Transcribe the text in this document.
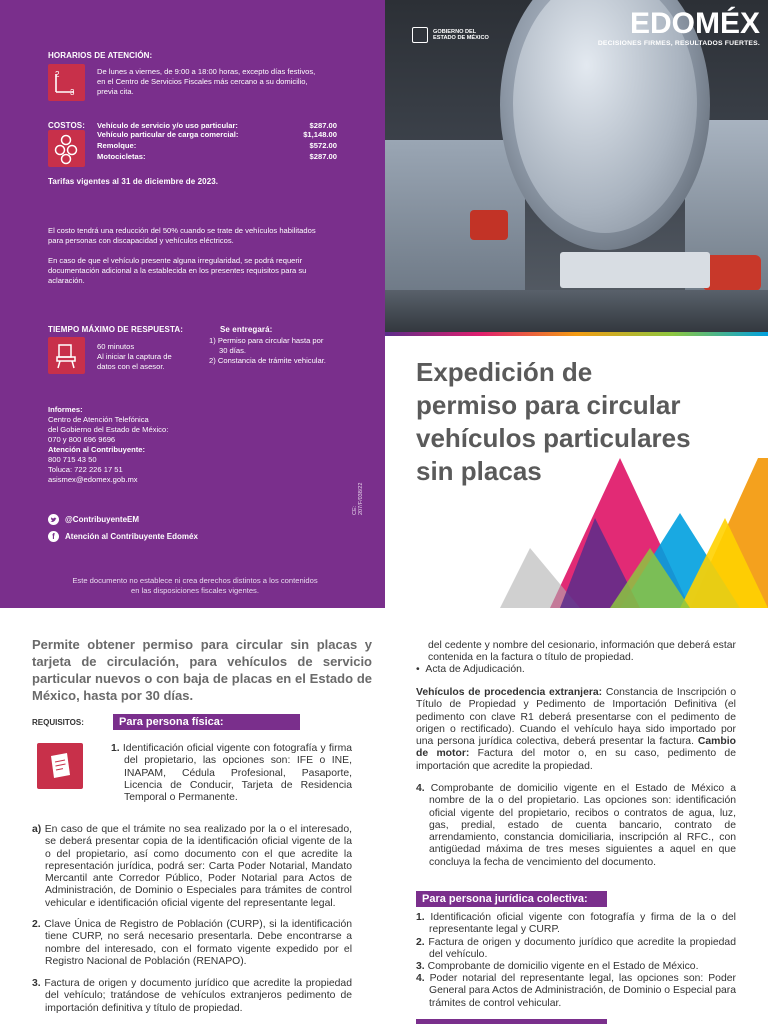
HORARIOS DE ATENCIÓN:
2
3
De lunes a viernes, de 9:00 a 18:00 horas, excepto días festivos,
en el Centro de Servicios Fiscales más cercano a su domicilio,
previa cita.
COSTOS: Vehículo de servicio y/o uso particular:	$287.00
Vehículo particular de carga comercial:	$1,148.00
Remolque:	$572.00
Motocicletas:	$287.00
Tarifas vigentes al 31 de diciembre de 2023.
El costo tendrá una reducción del 50% cuando se trate de vehículos habilitados
para personas con discapacidad y vehículos eléctricos.
En caso de que el vehículo presente alguna irregularidad, se podrá requerir
documentación adicional a la establecida en los presentes requisitos para su
aclaración.
TIEMPO MÁXIMO DE RESPUESTA:
60 minutos
Al iniciar la captura de
datos con el asesor.
Se entregará:
1) Permiso para circular hasta por
30 días.
2) Constancia de trámite vehicular.
Informes:
Centro de Atención Telefónica
del Gobierno del Estado de México:
070 y 800 696 9696
Atención al Contribuyente:
800 715 43 50
Toluca: 722 226 17 51
asismex@edomex.gob.mx
CE: 207/F/038/22
@ContribuyenteEM
f	Atención al Contribuyente Edoméx
Este documento no establece ni crea derechos distintos a los contenidos
en las disposiciones fiscales vigentes.
GOBIERNO DEL
ESTADO DE MÉXICO	EDOMÉX
DECISIONES FIRMES, RESULTADOS FUERTES.
Expedición de
permiso para circular
vehículos particulares
sin placas
Permite obtener permiso para circular sin placas y tarjeta de circulación, para vehículos de servicio particular nuevos o con baja de placas en el Estado de México, hasta por 30 días.
REQUISITOS:	Para persona física:
1. Identificación oficial vigente con fotografía y firma del propietario, las opciones son: IFE o INE, INAPAM, Cédula Profesional, Pasaporte, Licencia de Conducir, Tarjeta de Residencia Temporal o Permanente.
a) En caso de que el trámite no sea realizado por la o el interesado, se deberá presentar copia de la identificación oficial vigente de la o del propietario, así como documento con el que acredite la representación jurídica, podrá ser: Carta Poder Notarial, Mandato Mercantil ante Corredor Público, Poder Notarial para Actos de Administración, de Dominio o Especiales para trámites de control vehicular e identificación oficial vigente del representante legal.
2. Clave Única de Registro de Población (CURP), si la identificación tiene CURP, no será necesario presentarla. Debe encontrarse a nombre del interesado, con el formato vigente expedido por el Registro Nacional de Población (RENAPO).
3. Factura de origen y documento jurídico que acredite la propiedad del vehículo; tratándose de vehículos extranjeros pedimento de importación definitiva y título de propiedad.
del cedente y nombre del cesionario, información que deberá estar contenida en la factura o título de propiedad.
• Acta de Adjudicación.
Vehículos de procedencia extranjera: Constancia de Inscripción o Título de Propiedad y Pedimento de Importación Definitiva (el pedimento con clave R1 deberá presentarse con el pedimento de origen o rectificado). Cuando el vehículo haya sido importado por una persona jurídica colectiva, deberá presentar la factura. Cambio de motor: Factura del motor o, en su caso, pedimento de importación que acredite la propiedad.
4. Comprobante de domicilio vigente en el Estado de México a nombre de la o del propietario. Las opciones son: identificación oficial vigente del propietario, recibos o contratos de agua, luz, gas, predial, estado de cuenta bancario, contrato de arrendamiento, constancia domiciliaria, inscripción al RFC., con antigüedad máxima de tres meses siguientes a aquel en que concluya la fecha de vencimiento del documento.
Para persona jurídica colectiva:
1. Identificación oficial vigente con fotografía y firma de la o del representante legal y CURP.
2. Factura de origen y documento jurídico que acredite la propiedad del vehículo.
3. Comprobante de domicilio vigente en el Estado de México.
4. Poder notarial del representante legal, las opciones son: Poder General para Actos de Administración, de Dominio o Especial para trámites de control vehicular.
